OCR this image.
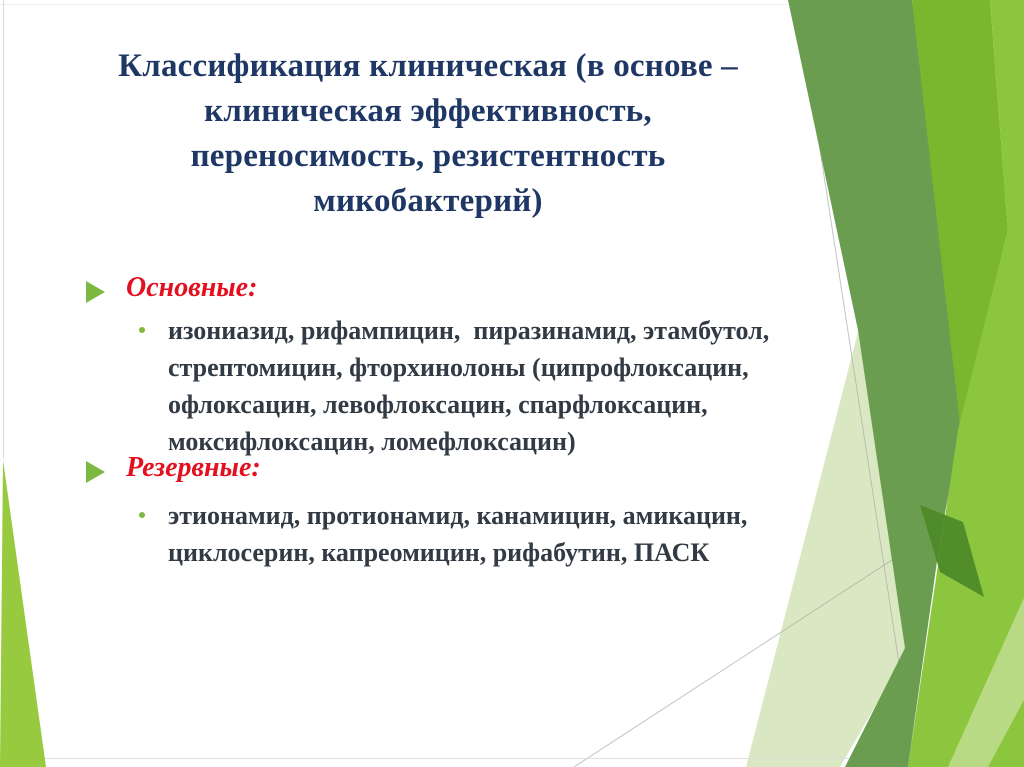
Классификация клиническая (в основе –
клиническая эффективность,
переносимость, резистентность
микобактерий)
Основные:
изониазид, рифампицин,  пиразинамид, этамбутол, стрептомицин, фторхинолоны (ципрофлоксацин, офлоксацин, левофлоксацин, спарфлоксацин, моксифлоксацин, ломефлоксацин)
Резервные:
этионамид, протионамид, канамицин, амикацин, циклосерин, капреомицин, рифабутин, ПАСК
